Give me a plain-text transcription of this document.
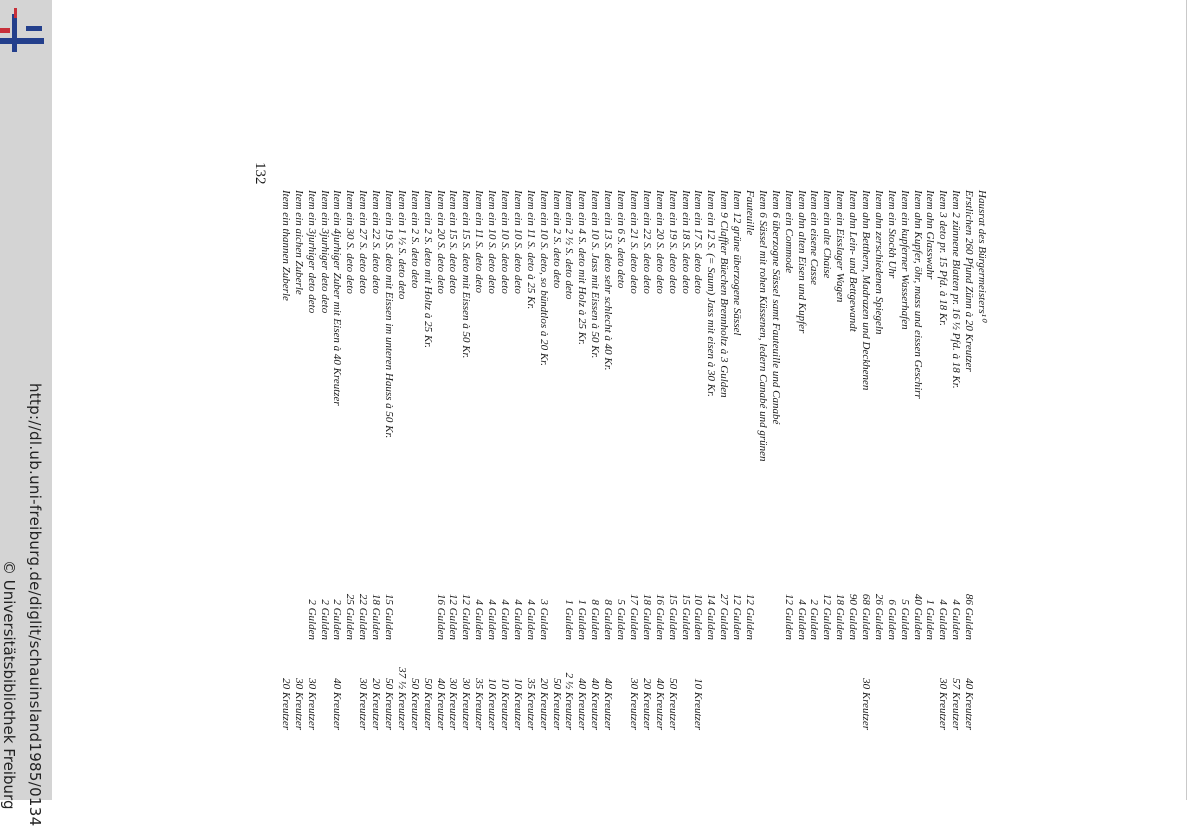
http://dl.ub.uni-freiburg.de/diglit/schauinsland1985/0134
© Universitätsbibliothek Freiburg
Hausrat des Bürgermeisters¹⁰
Erstlichen 260 Pfund Zünn à 20 Kreutzer
86 Gulden
40 Kreutzer
Item 2 zünnene Blatten pr. 16 ½ Pfd. à 18 Kr.
4 Gulden
57 Kreutzer
Item 3 deto pr. 15 Pfd. à 18 Kr.
4 Gulden
30 Kreutzer
Item ahn Glasswahr
1 Gulden
Item ahn Kupfer, öhr, mass und eissen Geschirr
40 Gulden
Item ein kupferner Wasserhafen
5 Gulden
Item ein Stockh Uhr
6 Gulden
Item ahn zerschiedenen Spiegeln
26 Gulden
Item ahn Betthern, Madrazen und Deckhenen
68 Gulden
30 Kreutzer
Item ahn Lein- und Bettgewandt
90 Gulden
Item ein Eisslager Wagen
18 Gulden
Item ein alte Chaise
12 Gulden
Item ein eisene Casse
2 Gulden
Item ahn alten Eisen und Kupfer
4 Gulden
Item ein Commode
12 Gulden
Item 6 überzogne Sässel samt Fauteuille und Canabé
Item 6 Sässel mit rohen Küssenen, ledern Canabé und grünen
Fauteuille
12 Gulden
Item 12 grüne überzogene Sässel
12 Gulden
Item 9 Claffter Büechen Brennholtz à 3 Gulden
27 Gulden
Item ein 12 S. (= Saum) Jass mit eisen à 30 Kr.
14 Gulden
Item ein 17 S. deto deto
10 Gulden
10 Kreutzer
Item ein 18 S. deto deto
15 Gulden
Item ein 19 S. deto deto
15 Gulden
50 Kreutzer
Item ein 20 S. deto deto
16 Gulden
40 Kreutzer
Item ein 22 S. deto deto
18 Gulden
20 Kreutzer
Item ein 21 S. deto deto
17 Gulden
30 Kreutzer
Item ein 6 S. deto deto
5 Gulden
Item ein 13 S. deto sehr schlecht à 40 Kr.
8 Gulden
40 Kreutzer
Item ein 10 S. Jass mit Eissen à 50 Kr.
8 Gulden
40 Kreutzer
Item ein 4 S. deto mit Holz à 25 Kr.
1 Gulden
40 Kreutzer
Item ein 2 ½ S. deto deto
1 Gulden
2 ½ Kreutzer
Item ein 2 S. deto deto
50 Kreutzer
Item ein 10 S. deto, so bündtlos à 20 Kr.
3 Gulden
20 Kreutzer
Item ein 11 S. deto à 25 Kr.
4 Gulden
35 Kreutzer
Item ein 10 S. deto deto
4 Gulden
10 Kreutzer
Item ein 10 S. deto deto
4 Gulden
10 Kreutzer
Item ein 10 S. deto deto
4 Gulden
10 Kreutzer
Item ein 11 S. deto deto
4 Gulden
35 Kreutzer
Item ein 15 S. deto mit Eissen à 50 Kr.
12 Gulden
30 Kreutzer
Item ein 15 S. deto deto
12 Gulden
30 Kreutzer
Item ein 20 S. deto deto
16 Gulden
40 Kreutzer
Item ein 2 S. deto mit Holtz à 25 Kr.
50 Kreutzer
Item ein 2 S. deto deto
50 Kreutzer
Item ein 1 ½ S. deto deto
37 ½ Kreutzer
Item ein 19 S. deto mit Eissen im unteren Hauss à 50 Kr.
15 Gulden
50 Kreutzer
Item ein 22 S. deto deto
18 Gulden
20 Kreutzer
Item ein 27 S. deto deto
22 Gulden
30 Kreutzer
Item ein 30 S. deto deto
25 Gulden
Item ein 4jurhiger Zuber mit Eisen à 40 Kreutzer
2 Gulden
40 Kreutzer
Item ein 3jurhiger deto deto
2 Gulden
Item ein 3jurhiger deto deto
2 Gulden
30 Kreutzer
Item ein aichen Zuberle
30 Kreutzer
Item ein thannen Zuberle
20 Kreutzer
132
